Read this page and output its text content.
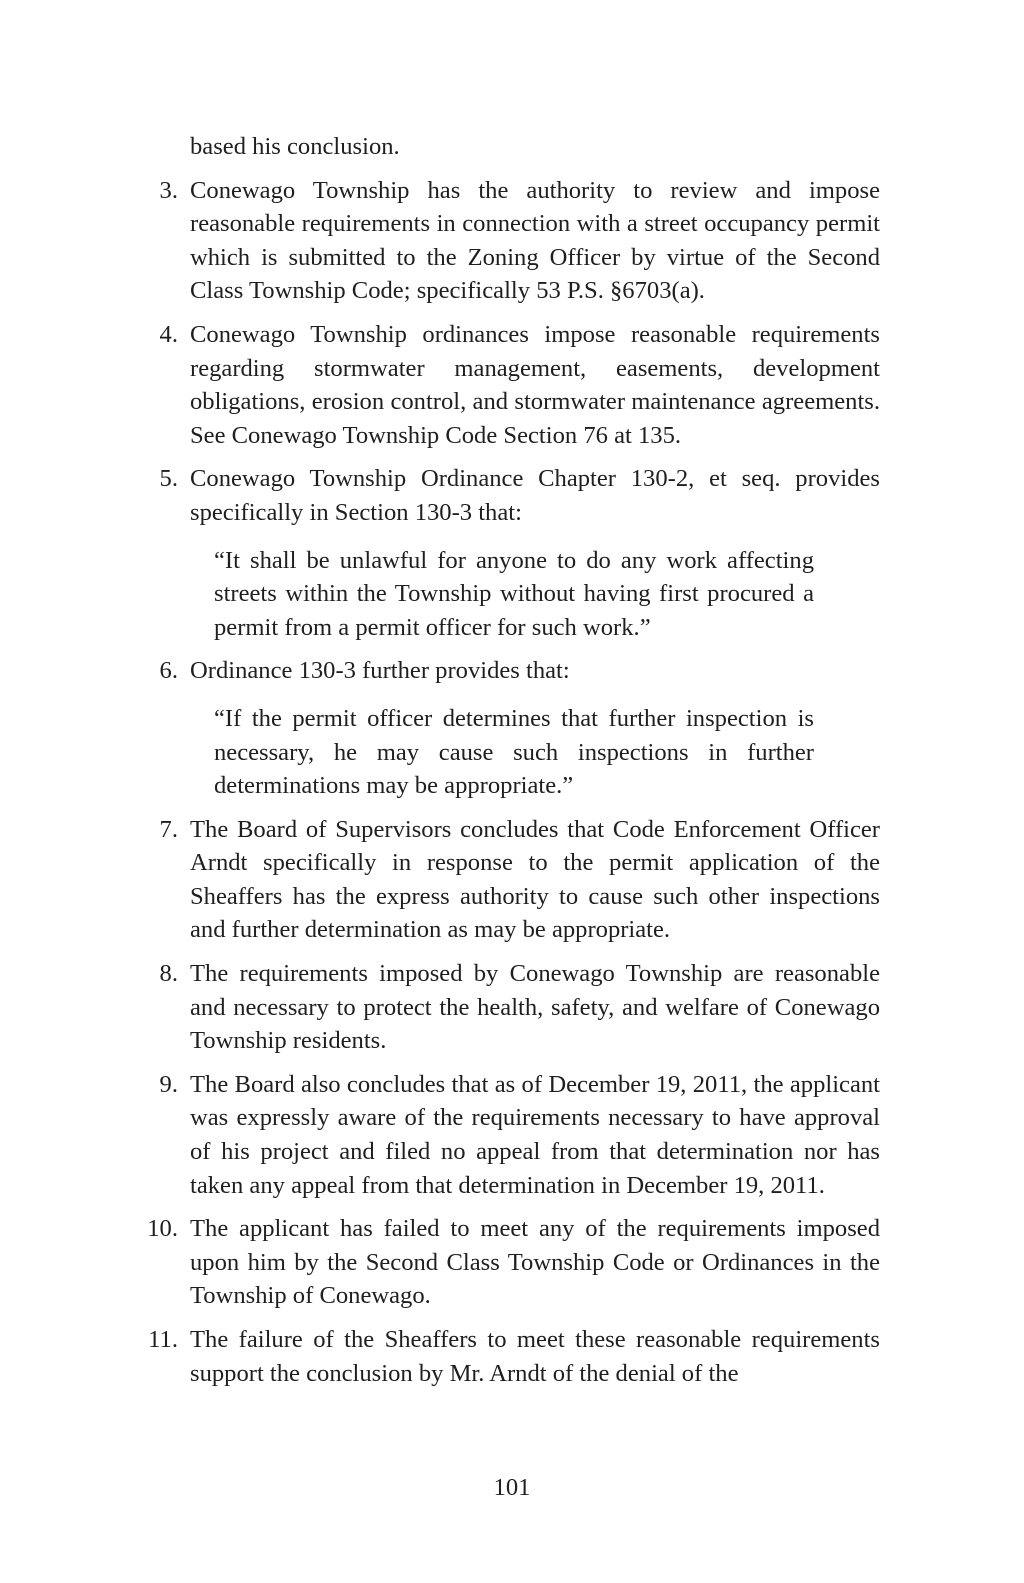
based his conclusion.
3. Conewago Township has the authority to review and impose reasonable requirements in connection with a street occupancy permit which is submitted to the Zoning Officer by virtue of the Second Class Township Code; specifically 53 P.S. §6703(a).
4. Conewago Township ordinances impose reasonable requirements regarding stormwater management, easements, development obligations, erosion control, and stormwater maintenance agreements. See Conewago Township Code Section 76 at 135.
5. Conewago Township Ordinance Chapter 130-2, et seq. provides specifically in Section 130-3 that:
“It shall be unlawful for anyone to do any work affecting streets within the Township without having first procured a permit from a permit officer for such work.”
6. Ordinance 130-3 further provides that:
“If the permit officer determines that further inspection is necessary, he may cause such inspections in further determinations may be appropriate.”
7. The Board of Supervisors concludes that Code Enforcement Officer Arndt specifically in response to the permit application of the Sheaffers has the express authority to cause such other inspections and further determination as may be appropriate.
8. The requirements imposed by Conewago Township are reasonable and necessary to protect the health, safety, and welfare of Conewago Township residents.
9. The Board also concludes that as of December 19, 2011, the applicant was expressly aware of the requirements necessary to have approval of his project and filed no appeal from that determination nor has taken any appeal from that determination in December 19, 2011.
10. The applicant has failed to meet any of the requirements imposed upon him by the Second Class Township Code or Ordinances in the Township of Conewago.
11. The failure of the Sheaffers to meet these reasonable requirements support the conclusion by Mr. Arndt of the denial of the
101
